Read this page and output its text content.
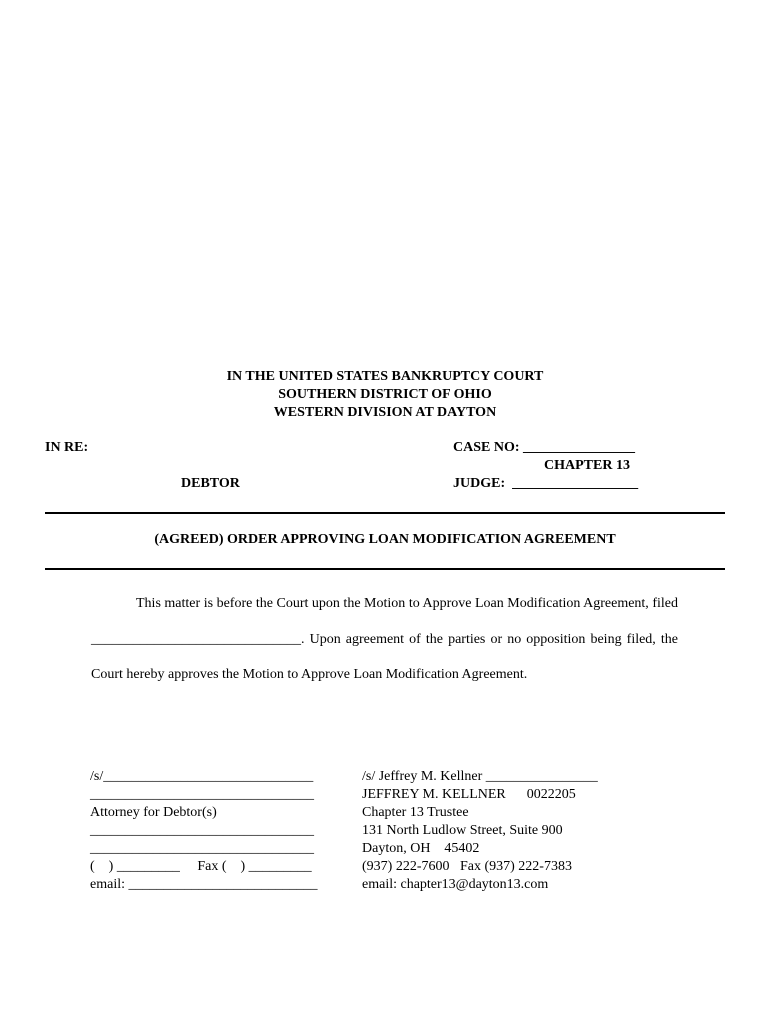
IN THE UNITED STATES BANKRUPTCY COURT
SOUTHERN DISTRICT OF OHIO
WESTERN DIVISION AT DAYTON
IN RE:	CASE NO: ________________
CHAPTER 13
DEBTOR	JUDGE:  __________________
(AGREED) ORDER APPROVING LOAN MODIFICATION AGREEMENT
This matter is before the Court upon the Motion to Approve Loan Modification Agreement, filed ______________________________. Upon agreement of the parties or no opposition being filed, the Court hereby approves the Motion to Approve Loan Modification Agreement.
/s/______________________________
________________________________
Attorney for Debtor(s)
________________________________
________________________________
(    ) _________     Fax (    ) _________
email: ___________________________
/s/ Jeffrey M. Kellner ________________
JEFFREY M. KELLNER      0022205
Chapter 13 Trustee
131 North Ludlow Street, Suite 900
Dayton, OH    45402
(937) 222-7600   Fax (937) 222-7383
email: chapter13@dayton13.com
